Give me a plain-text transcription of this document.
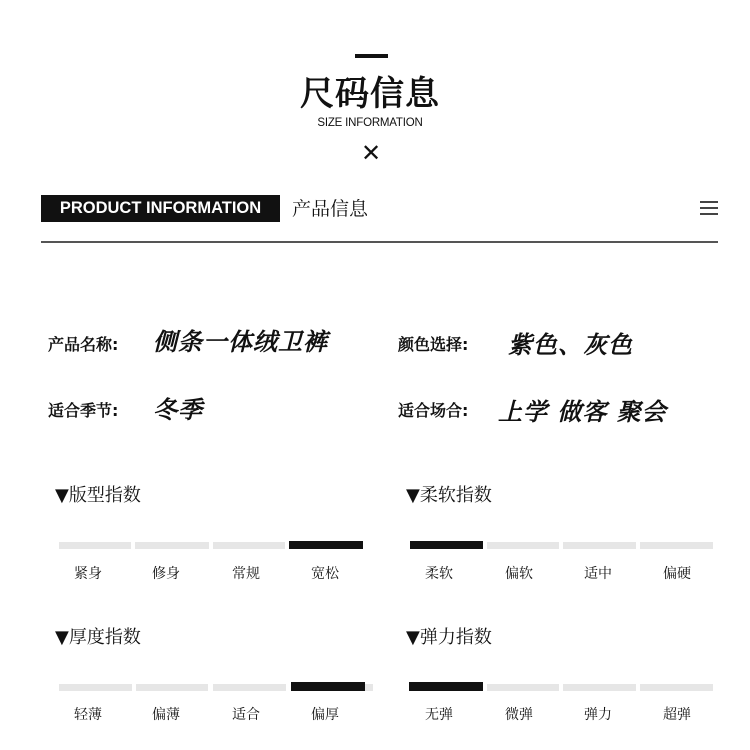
尺码信息
SIZE INFORMATION
✕
PRODUCT INFORMATION	产品信息
产品名称: 侧条一体绒卫裤	颜色选择: 紫色、灰色
适合季节: 冬季	适合场合: 上学 做客 聚会
▼版型指数
紧身	修身	常规	宽松
▼柔软指数
柔软	偏软	适中	偏硬
▼厚度指数
轻薄	偏薄	适合	偏厚
▼弹力指数
无弹	微弹	弹力	超弹
